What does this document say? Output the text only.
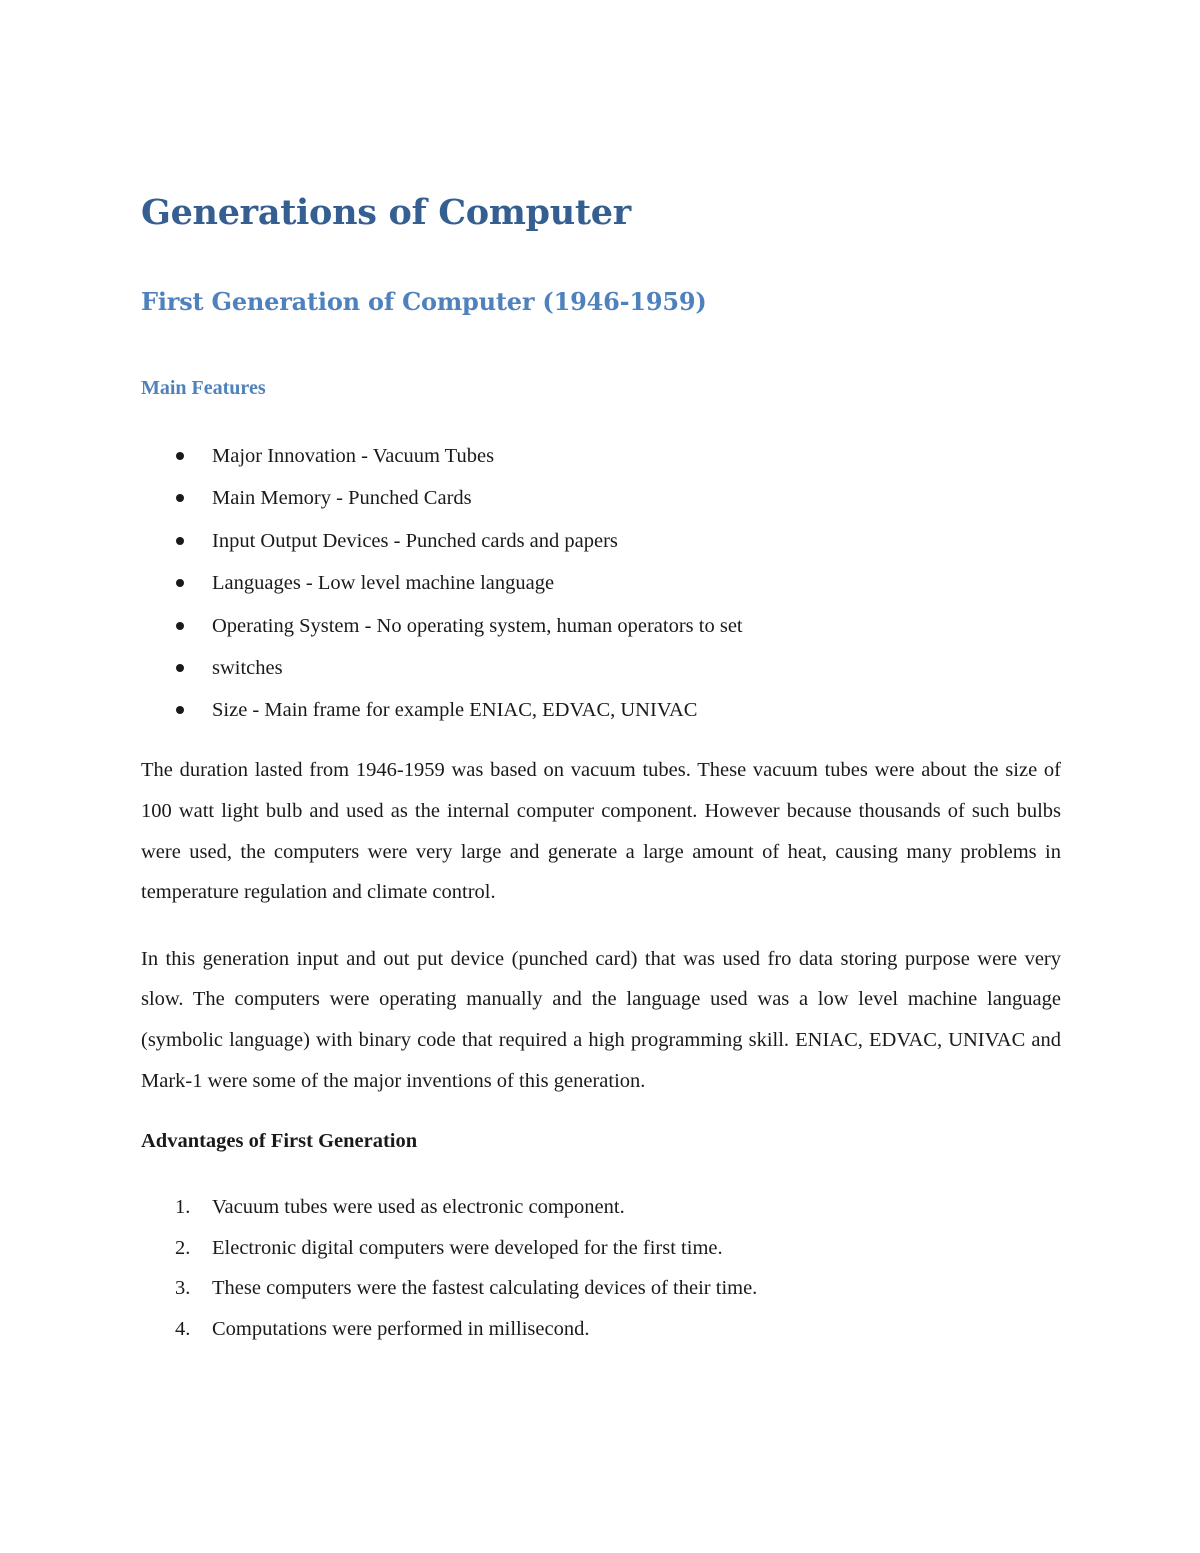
Generations of Computer
First Generation of Computer (1946-1959)
Main Features
Major Innovation - Vacuum Tubes
Main Memory - Punched Cards
Input Output Devices - Punched cards and papers
Languages - Low level machine language
Operating System - No operating system, human operators to set
switches
Size - Main frame for example ENIAC, EDVAC, UNIVAC

The duration lasted from 1946-1959 was based on vacuum tubes. These vacuum tubes were about the size of 100 watt light bulb and used as the internal computer component. However because thousands of such bulbs were used, the computers were very large and generate a large amount of heat, causing many problems in temperature regulation and climate control.

In this generation input and out put device (punched card) that was used fro data storing purpose were very slow. The computers were operating manually and the language used was a low level machine language (symbolic language) with binary code that required a high programming skill. ENIAC, EDVAC, UNIVAC and Mark-1 were some of the major inventions of this generation.

Advantages of First Generation
1. Vacuum tubes were used as electronic component.
2. Electronic digital computers were developed for the first time.
3. These computers were the fastest calculating devices of their time.
4. Computations were performed in millisecond.
